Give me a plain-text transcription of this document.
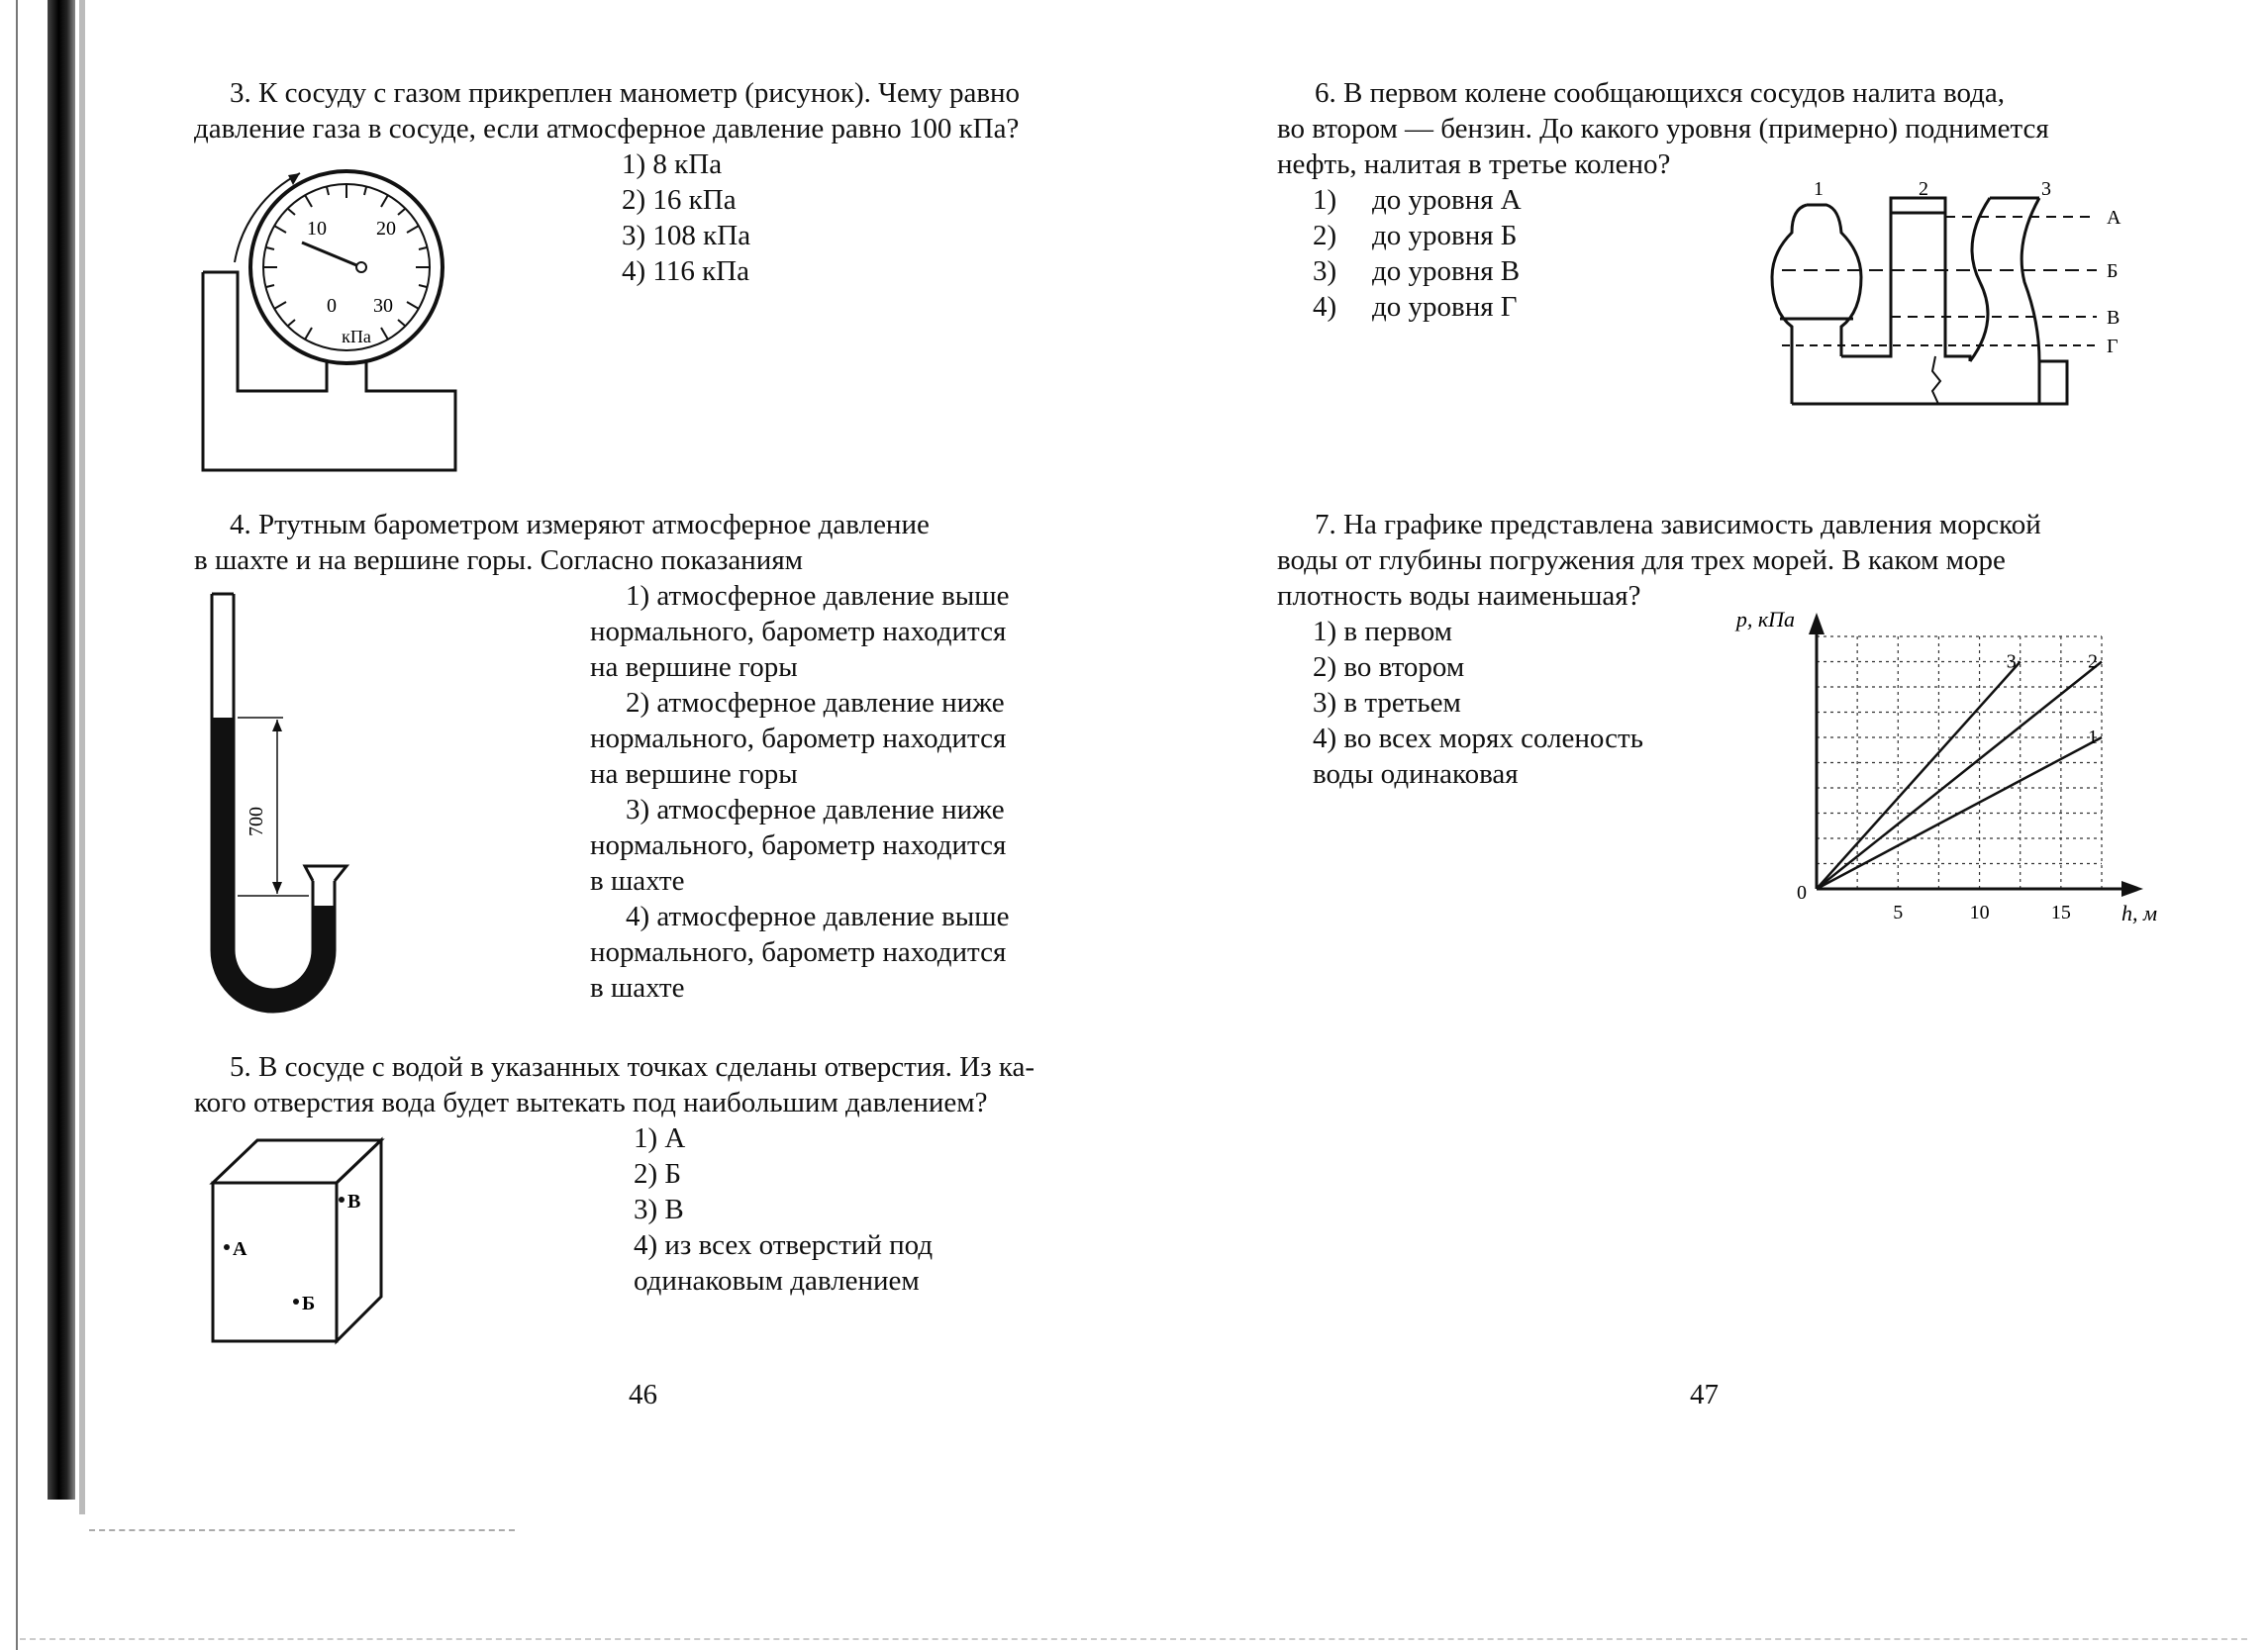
3. К сосуду с газом прикреплен манометр (рисунок). Чему равно
давление газа в сосуде, если атмосферное давление равно 100 кПа?
1) 8 кПа
2) 16 кПа
3) 108 кПа
4) 116 кПа
10	20
0 30
кПа
4. Ртутным барометром измеряют атмосферное давление
в шахте и на вершине горы. Согласно показаниям
1) атмосферное давление выше
нормального, барометр находится
на вершине горы
2) атмосферное давление ниже
нормального, барометр находится
на вершине горы
3) атмосферное давление ниже
нормального, барометр находится
в шахте
4) атмосферное давление выше
нормального, барометр находится
в шахте
700
5. В сосуде с водой в указанных точках сделаны отверстия. Из ка-
кого отверстия вода будет вытекать под наибольшим давлением?
1) А
2) Б
3) В
4) из всех отверстий под
одинаковым давлением
А
Б
В
46
6. В первом колене сообщающихся сосудов налита вода,
во втором — бензин. До какого уровня (примерно) поднимется
нефть, налитая в третье колено?
1) до уровня А
2) до уровня Б
3) до уровня В
4) до уровня Г
1	2	3
А
Б
В
Г
7. На графике представлена зависимость давления морской
воды от глубины погружения для трех морей. В каком море
плотность воды наименьшая?
1) в первом
2) во втором
3) в третьем
4) во всех морях соленость
воды одинаковая
1
2
3
5	10	15
0
p, кПа
h, м
47
